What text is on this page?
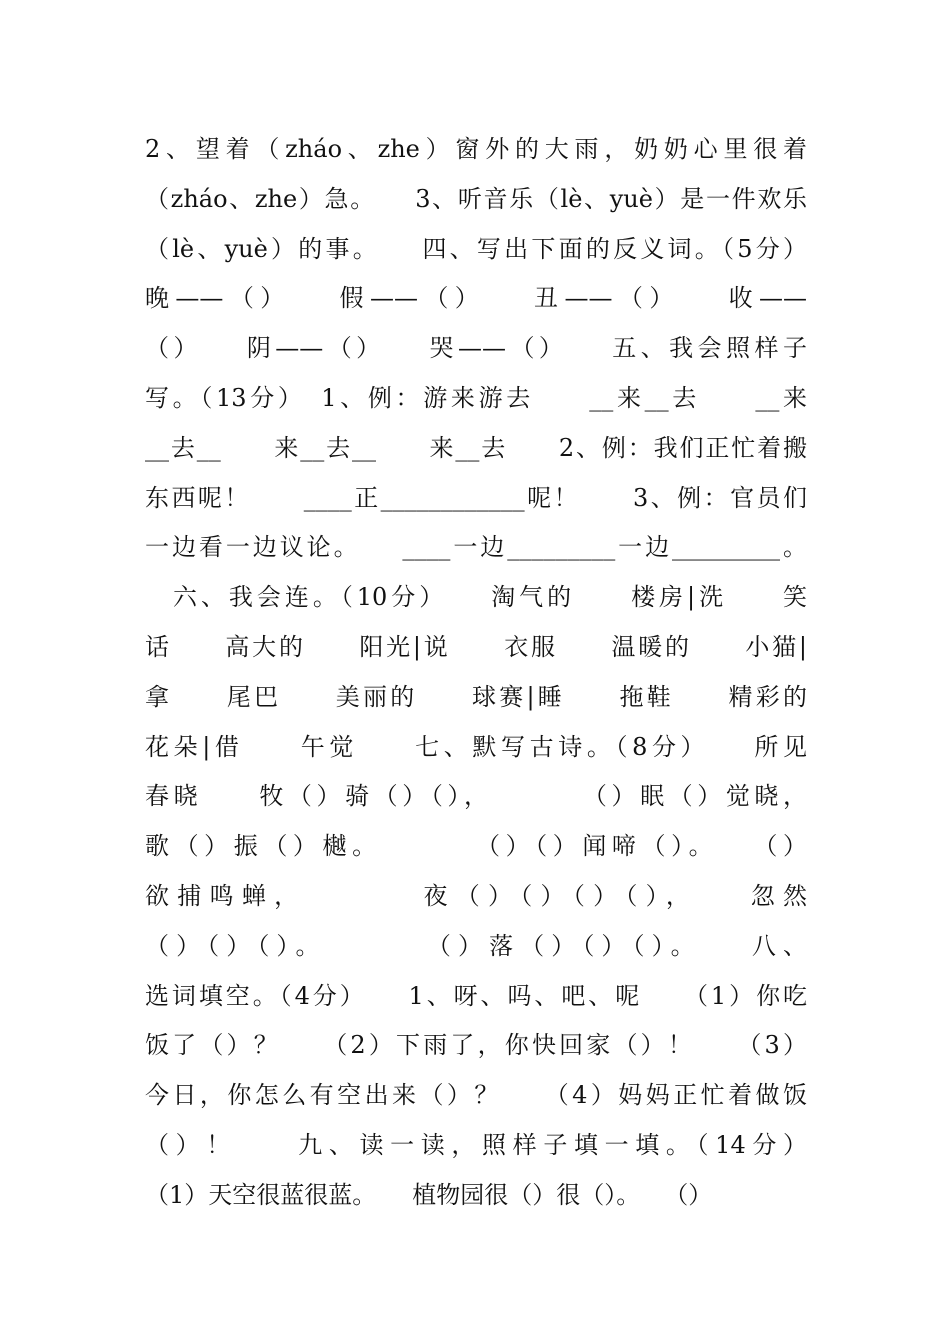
2、望着（zháo、zhe）窗外的大雨，奶奶心里很着
（zháo、zhe）急。　　3、听音乐（lè、yuè）是一件欢乐
（lè、yuè）的事。　　四、写出下面的反义词。（5分）
晚——（）　　假——（）　　丑——（）　　收——
（）　　阴——（）　　哭——（）　　五、我会照样子
写。（13分）　1、例：游来游去　　__来__去　　__来
__去__　　来__去__　　来__去　　2、例：我们正忙着搬
东西呢！　　____正____________呢！　　3、例：官员们
一边看一边议论。　　____一边_________一边_________。
　六、我会连。（10分）　　淘气的　　楼房|洗　　笑
话　　高大的　　阳光|说　　衣服　　温暖的　　小猫|
拿　　尾巴　　美丽的　　球赛|睡　　拖鞋　　精彩的
花朵|借　　午觉　　七、默写古诗。（8分）　　所见
春晓　　牧（）骑（）（），　　　　（）眠（）觉晓，
歌（）振（）樾。　　　　（）（）闻啼（）。　　（）
欲捕鸣蝉，　　　　夜（）（）（）（），　　忽然
（）（）（）。　　　　（）落（）（）（）。　　八、
选词填空。（4分）　　1、呀、吗、吧、呢　　（1）你吃
饭了（）？　　（2）下雨了，你快回家（）！　　（3）
今日，你怎么有空出来（）？　　（4）妈妈正忙着做饭
（）！　　九、读一读，照样子填一填。（14分）
（1）天空很蓝很蓝。　　植物园很（）很（）。　　（）
